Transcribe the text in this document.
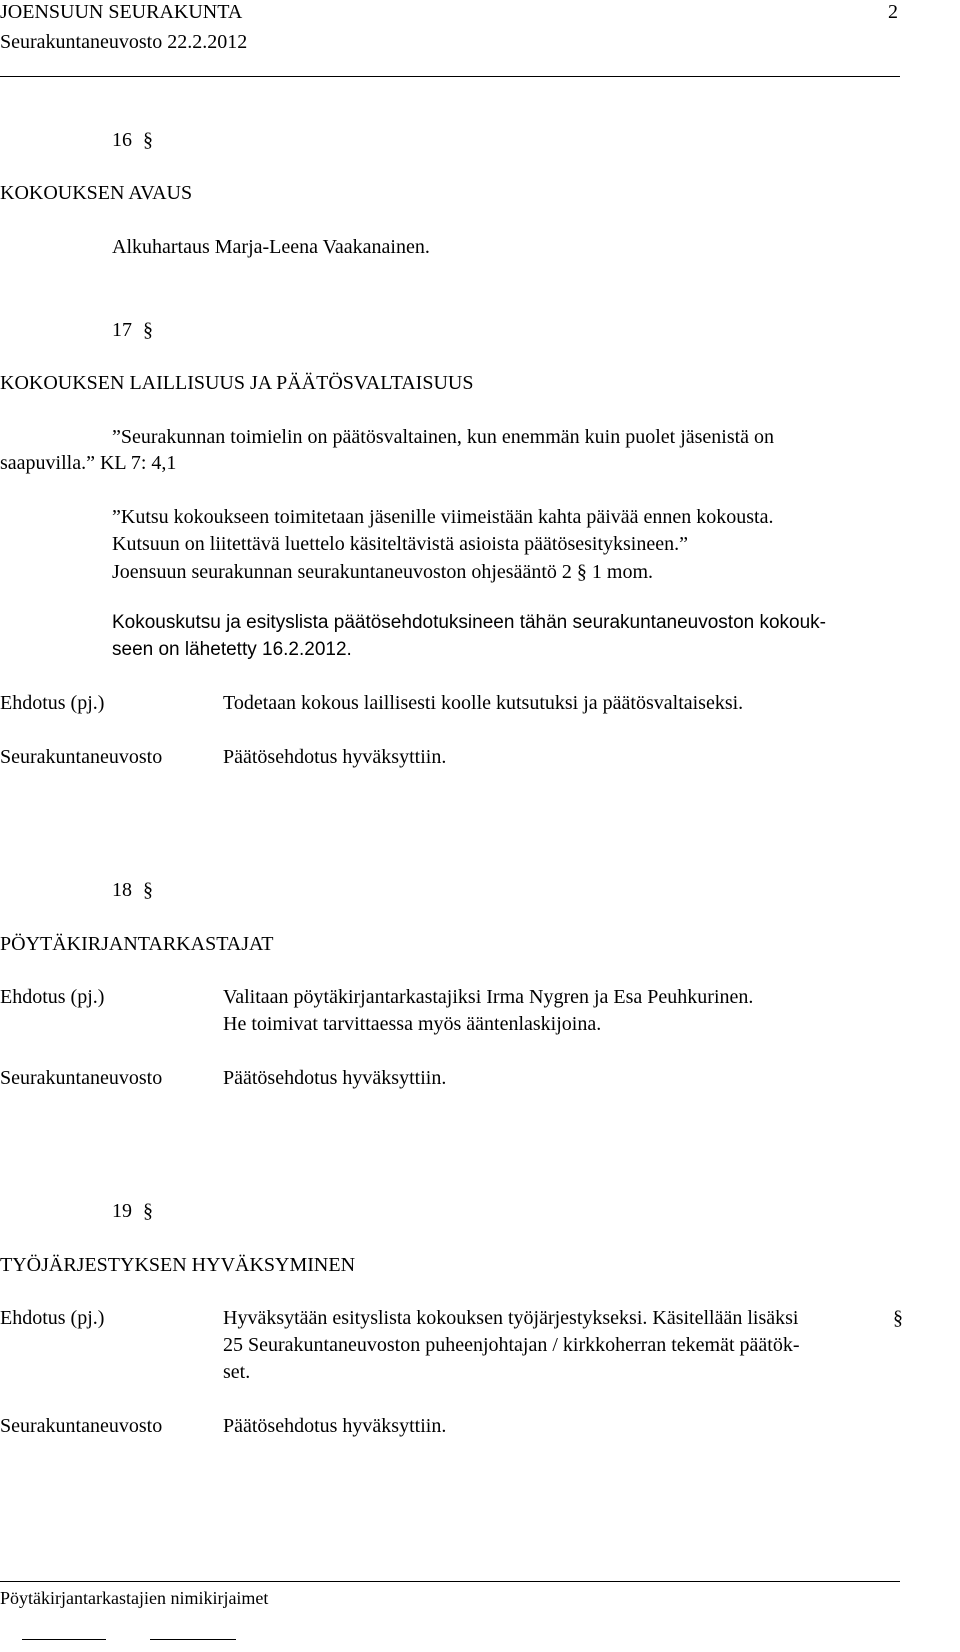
JOENSUUN SEURAKUNTA	2
Seurakuntaneuvosto 22.2.2012
16 §
KOKOUKSEN AVAUS
Alkuhartaus Marja-Leena Vaakanainen.
17 §
KOKOUKSEN LAILLISUUS JA PÄÄTÖSVALTAISUUS
”Seurakunnan toimielin on päätösvaltainen, kun enemmän kuin puolet jäsenistä on
saapuvilla.” KL 7: 4,1
”Kutsu kokoukseen toimitetaan jäsenille viimeistään kahta päivää ennen kokousta.
Kutsuun on liitettävä luettelo käsiteltävistä asioista päätösesityksineen.”
Joensuun seurakunnan seurakuntaneuvoston ohjesääntö 2 § 1 mom.
Kokouskutsu ja esityslista päätösehdotuksineen tähän seurakuntaneuvoston kokouk-
seen on lähetetty 16.2.2012.
Ehdotus (pj.)	Todetaan kokous laillisesti koolle kutsutuksi ja päätösvaltaiseksi.
Seurakuntaneuvosto	Päätösehdotus hyväksyttiin.
18 §
PÖYTÄKIRJANTARKASTAJAT
Ehdotus (pj.)	Valitaan pöytäkirjantarkastajiksi Irma Nygren ja Esa Peuhkurinen.
He toimivat tarvittaessa myös ääntenlaskijoina.
Seurakuntaneuvosto	Päätösehdotus hyväksyttiin.
19 §
TYÖJÄRJESTYKSEN HYVÄKSYMINEN
Ehdotus (pj.)	Hyväksytään esityslista kokouksen työjärjestykseksi. Käsitellään lisäksi	§
25 Seurakuntaneuvoston puheenjohtajan / kirkkoherran tekemät päätök-
set.
Seurakuntaneuvosto	Päätösehdotus hyväksyttiin.
Pöytäkirjantarkastajien nimikirjaimet
